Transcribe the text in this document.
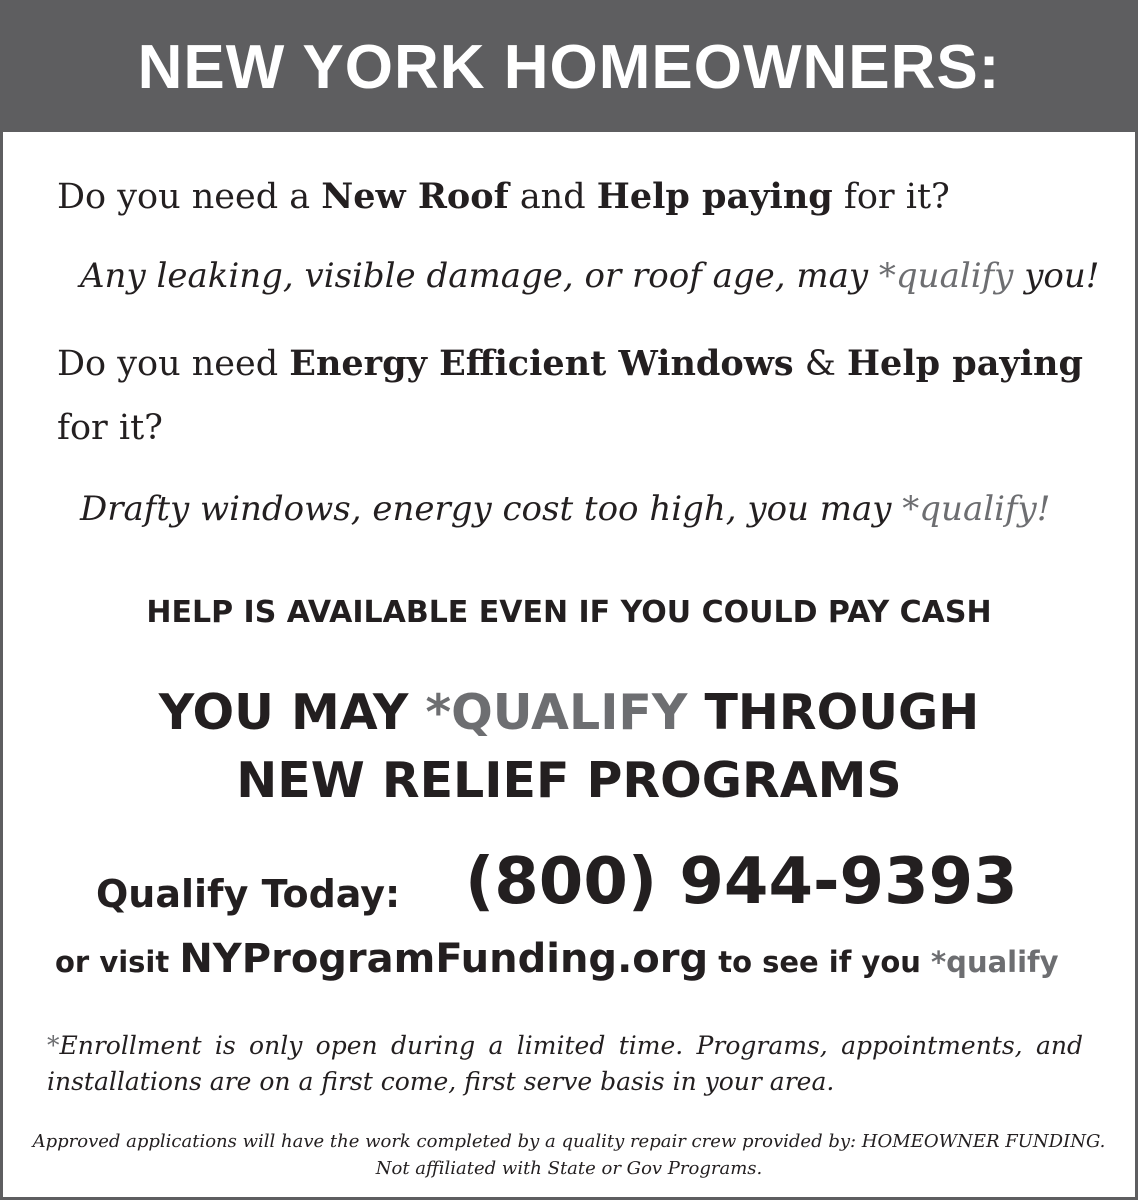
NEW YORK HOMEOWNERS:
Do you need a New Roof and Help paying for it?
Any leaking, visible damage, or roof age, may *qualify you!
Do you need Energy Efficient Windows & Help paying
for it?
Drafty windows, energy cost too high, you may *qualify!
HELP IS AVAILABLE EVEN IF YOU COULD PAY CASH
YOU MAY *QUALIFY THROUGH
NEW RELIEF PROGRAMS
Qualify Today: (800) 944-9393
or visit NYProgramFunding.org to see if you *qualify
*Enrollment is only open during a limited time. Programs, appointments, and installations are on a first come, first serve basis in your area.
Approved applications will have the work completed by a quality repair crew provided by: HOMEOWNER FUNDING.
Not affiliated with State or Gov Programs.
